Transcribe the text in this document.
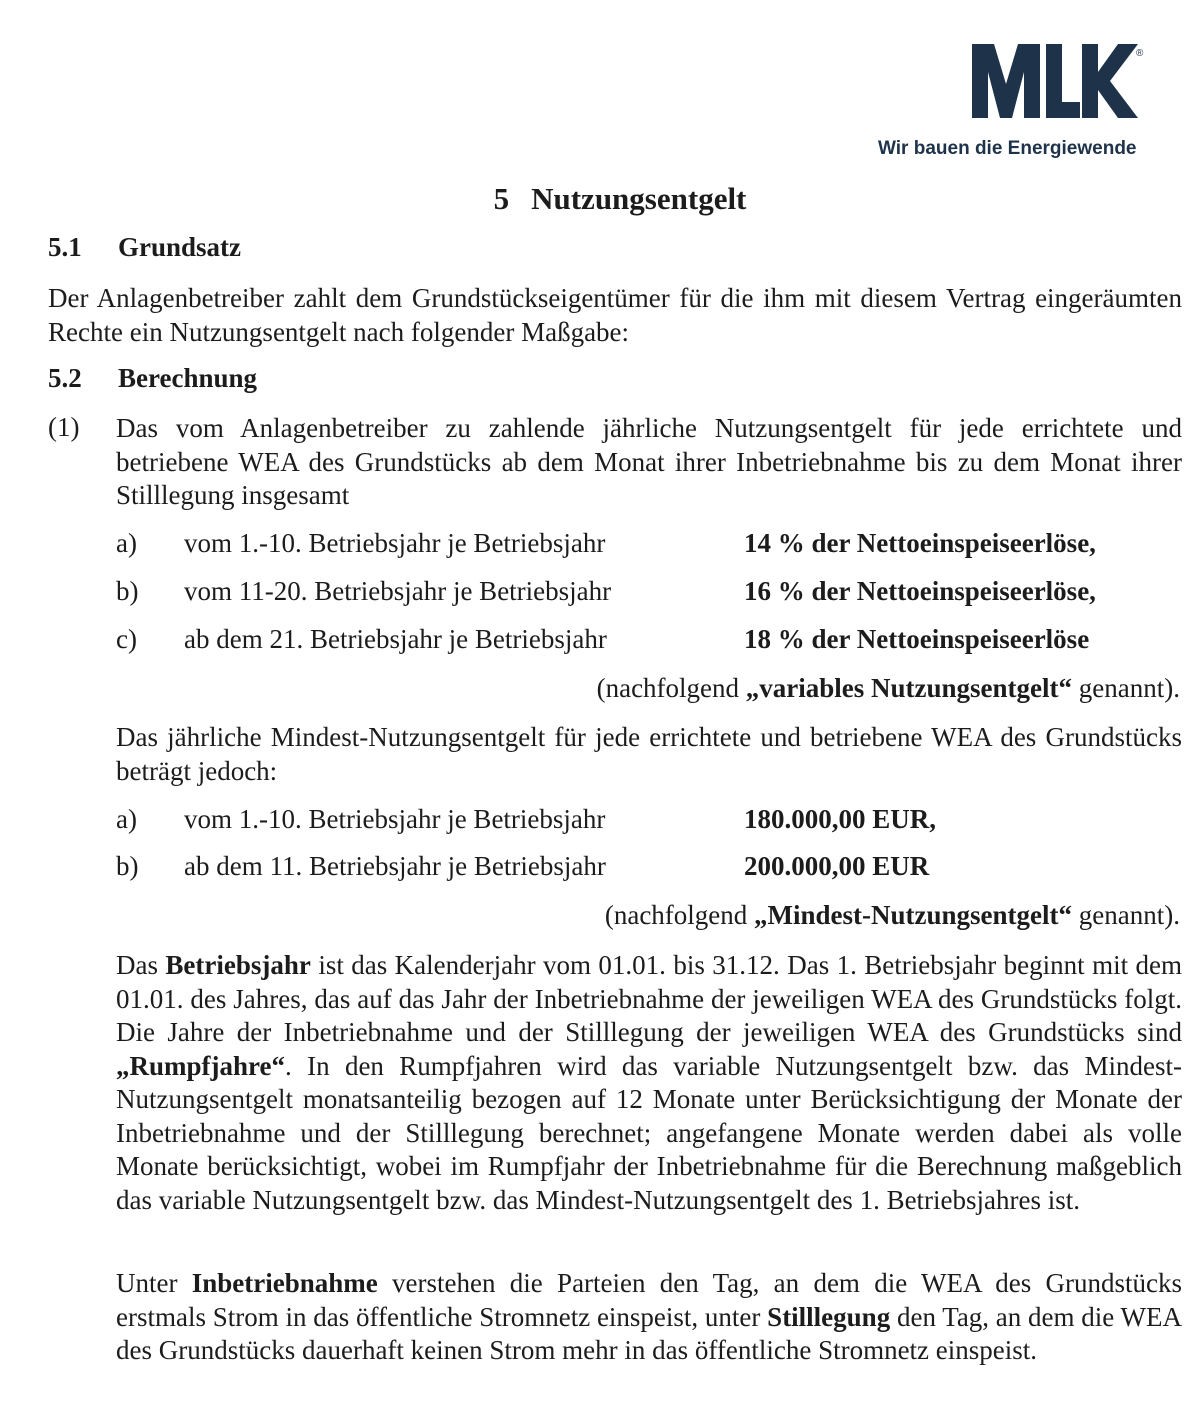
®
Wir bauen die Energiewende
5 Nutzungsentgelt
5.1 Grundsatz
Der Anlagenbetreiber zahlt dem Grundstückseigentümer für die ihm mit diesem Vertrag eingeräumten Rechte ein Nutzungsentgelt nach folgender Maßgabe:
5.2 Berechnung
(1) Das vom Anlagenbetreiber zu zahlende jährliche Nutzungsentgelt für jede errichtete und betriebene WEA des Grundstücks ab dem Monat ihrer Inbetriebnahme bis zu dem Monat ihrer Stilllegung insgesamt
a) vom 1.-10. Betriebsjahr je Betriebsjahr	14 % der Nettoeinspeiseerlöse,
b) vom 11-20. Betriebsjahr je Betriebsjahr	16 % der Nettoeinspeiseerlöse,
c) ab dem 21. Betriebsjahr je Betriebsjahr	18 % der Nettoeinspeiseerlöse
(nachfolgend „variables Nutzungsentgelt“ genannt).
Das jährliche Mindest-Nutzungsentgelt für jede errichtete und betriebene WEA des Grundstücks beträgt jedoch:
a) vom 1.-10. Betriebsjahr je Betriebsjahr	180.000,00 EUR,
b) ab dem 11. Betriebsjahr je Betriebsjahr	200.000,00 EUR
(nachfolgend „Mindest-Nutzungsentgelt“ genannt).
Das Betriebsjahr ist das Kalenderjahr vom 01.01. bis 31.12. Das 1. Betriebsjahr beginnt mit dem 01.01. des Jahres, das auf das Jahr der Inbetriebnahme der jeweiligen WEA des Grundstücks folgt. Die Jahre der Inbetriebnahme und der Stilllegung der jeweiligen WEA des Grundstücks sind „Rumpfjahre“. In den Rumpfjahren wird das variable Nutzungsentgelt bzw. das Mindest-Nutzungsentgelt monatsanteilig bezogen auf 12 Monate unter Berücksichtigung der Monate der Inbetriebnahme und der Stilllegung berechnet; angefangene Monate werden dabei als volle Monate berücksichtigt, wobei im Rumpfjahr der Inbetriebnahme für die Berechnung maßgeblich das variable Nutzungsentgelt bzw. das Mindest-Nutzungsentgelt des 1. Betriebsjahres ist.
Unter Inbetriebnahme verstehen die Parteien den Tag, an dem die WEA des Grundstücks erstmals Strom in das öffentliche Stromnetz einspeist, unter Stilllegung den Tag, an dem die WEA des Grundstücks dauerhaft keinen Strom mehr in das öffentliche Stromnetz einspeist.
